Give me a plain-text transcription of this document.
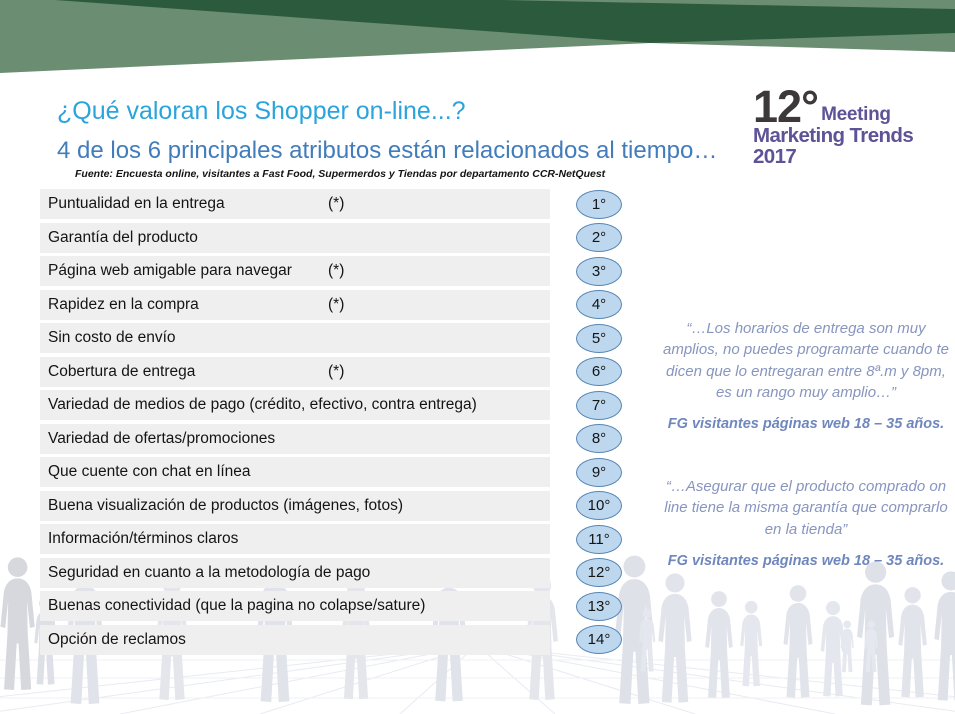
12° Meeting
Marketing Trends 2017
¿Qué valoran los Shopper on-line...?
4 de los 6 principales atributos están relacionados al tiempo…
Fuente: Encuesta online, visitantes a Fast Food, Supermerdos y Tiendas por departamento CCR-NetQuest
Puntualidad en la entrega	(*)	1°
Garantía del producto	2°
Página web amigable para navegar (*)	3°
Rapidez en la compra	(*)	4°
Sin costo de envío	5°
Cobertura de entrega	(*)	6°
Variedad de medios de pago (crédito, efectivo, contra entrega)	7°
Variedad de ofertas/promociones	8°
Que cuente con chat en línea	9°
Buena visualización de productos (imágenes, fotos)	10°
Información/términos claros	11°
Seguridad en cuanto a la metodología de pago	12°
Buenas conectividad (que la pagina no colapse/sature)	13°
Opción de reclamos	14°
“…Los horarios de entrega son muy amplios, no puedes programarte cuando te dicen que lo entregaran entre 8ª.m y 8pm, es un rango muy amplio…”
FG visitantes páginas web 18 – 35 años.
“…Asegurar que el producto comprado on line tiene la misma garantía que comprarlo en la tienda”
FG visitantes páginas web 18 – 35 años.
